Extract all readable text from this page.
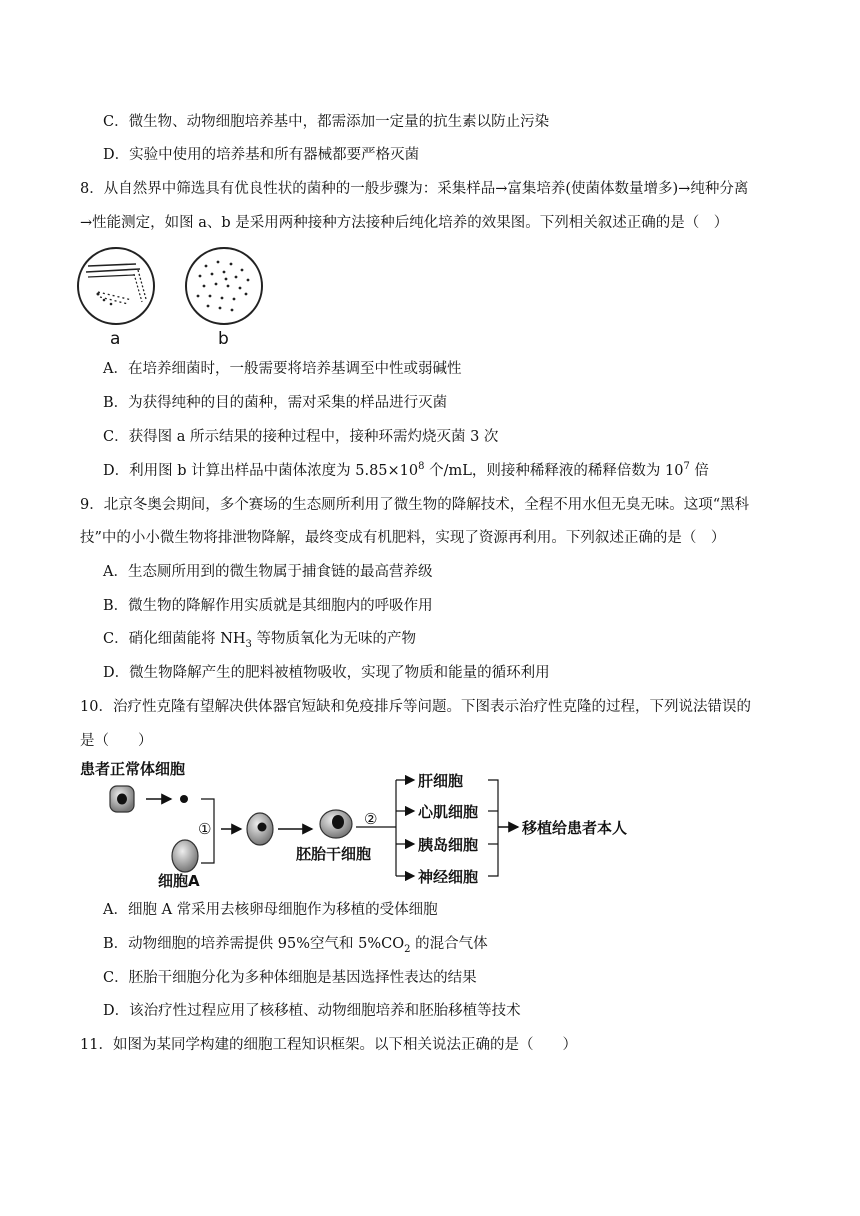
C．微生物、动物细胞培养基中，都需添加一定量的抗生素以防止污染
D．实验中使用的培养基和所有器械都要严格灭菌
8．从自然界中筛选具有优良性状的菌种的一般步骤为：采集样品→富集培养(使菌体数量增多)→纯种分离
→性能测定，如图 a、b 是采用两种接种方法接种后纯化培养的效果图。下列相关叙述正确的是（　）
a	b
A．在培养细菌时，一般需要将培养基调至中性或弱碱性
B．为获得纯种的目的菌种，需对采集的样品进行灭菌
C．获得图 a 所示结果的接种过程中，接种环需灼烧灭菌 3 次
D．利用图 b 计算出样品中菌体浓度为 $5.85\times 10^8$ 个/mL，则接种稀释液的稀释倍数为 $10^7$ 倍
9．北京冬奥会期间，多个赛场的生态厕所利用了微生物的降解技术，全程不用水但无臭无味。这项“黑科
技”中的小小微生物将排泄物降解，最终变成有机肥料，实现了资源再利用。下列叙述正确的是（　）
A．生态厕所用到的微生物属于捕食链的最高营养级
B．微生物的降解作用实质就是其细胞内的呼吸作用
C．硝化细菌能将 $NH_3$ 等物质氧化为无味的产物
D．微生物降解产生的肥料被植物吸收，实现了物质和能量的循环利用
10．治疗性克隆有望解决供体器官短缺和免疫排斥等问题。下图表示治疗性克隆的过程，下列说法错误的
是（　　）
患者正常体细胞
①
细胞A
胚胎干细胞
②
肝细胞
心肌细胞
胰岛细胞
神经细胞
移植给患者本人
A．细胞 A 常采用去核卵母细胞作为移植的受体细胞
B．动物细胞的培养需提供 95%空气和 $5\%CO_2$ 的混合气体
C．胚胎干细胞分化为多种体细胞是基因选择性表达的结果
D．该治疗性过程应用了核移植、动物细胞培养和胚胎移植等技术
11．如图为某同学构建的细胞工程知识框架。以下相关说法正确的是（　　）
